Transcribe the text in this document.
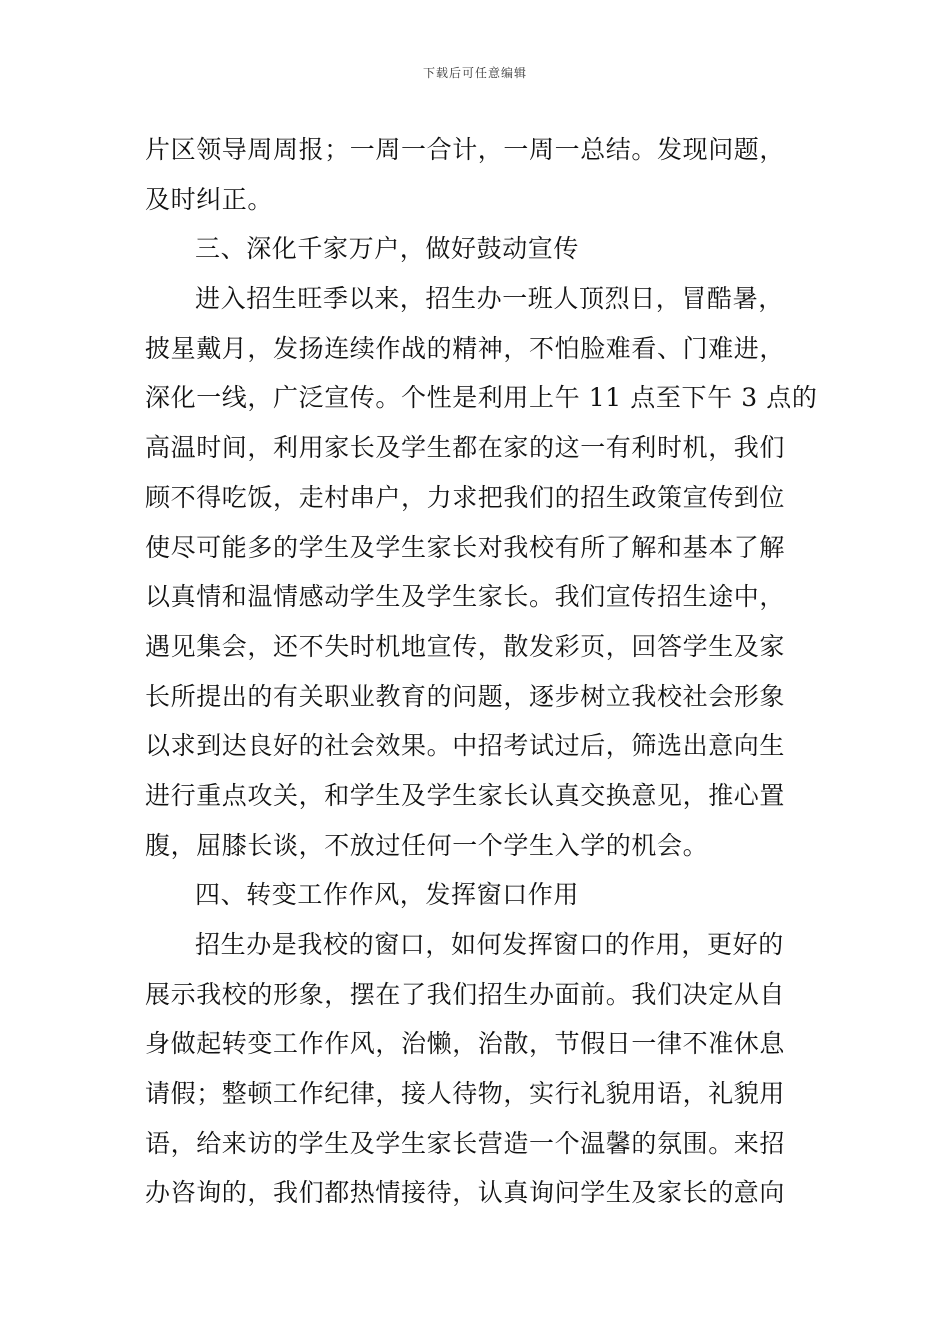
下载后可任意编辑
片区领导周周报；一周一合计，一周一总结。发现问题，
及时纠正。
三、深化千家万户，做好鼓动宣传
进入招生旺季以来，招生办一班人顶烈日，冒酷暑，
披星戴月，发扬连续作战的精神，不怕脸难看、门难进，
深化一线，广泛宣传。个性是利用上午 11 点至下午 3 点的
高温时间，利用家长及学生都在家的这一有利时机，我们
顾不得吃饭，走村串户，力求把我们的招生政策宣传到位
使尽可能多的学生及学生家长对我校有所了解和基本了解
以真情和温情感动学生及学生家长。我们宣传招生途中，
遇见集会，还不失时机地宣传，散发彩页，回答学生及家
长所提出的有关职业教育的问题，逐步树立我校社会形象
以求到达良好的社会效果。中招考试过后，筛选出意向生
进行重点攻关，和学生及学生家长认真交换意见，推心置
腹，屈膝长谈，不放过任何一个学生入学的机会。
四、转变工作作风，发挥窗口作用
招生办是我校的窗口，如何发挥窗口的作用，更好的
展示我校的形象，摆在了我们招生办面前。我们决定从自
身做起转变工作作风，治懒，治散，节假日一律不准休息
请假；整顿工作纪律，接人待物，实行礼貌用语，礼貌用
语，给来访的学生及学生家长营造一个温馨的氛围。来招
办咨询的，我们都热情接待，认真询问学生及家长的意向
